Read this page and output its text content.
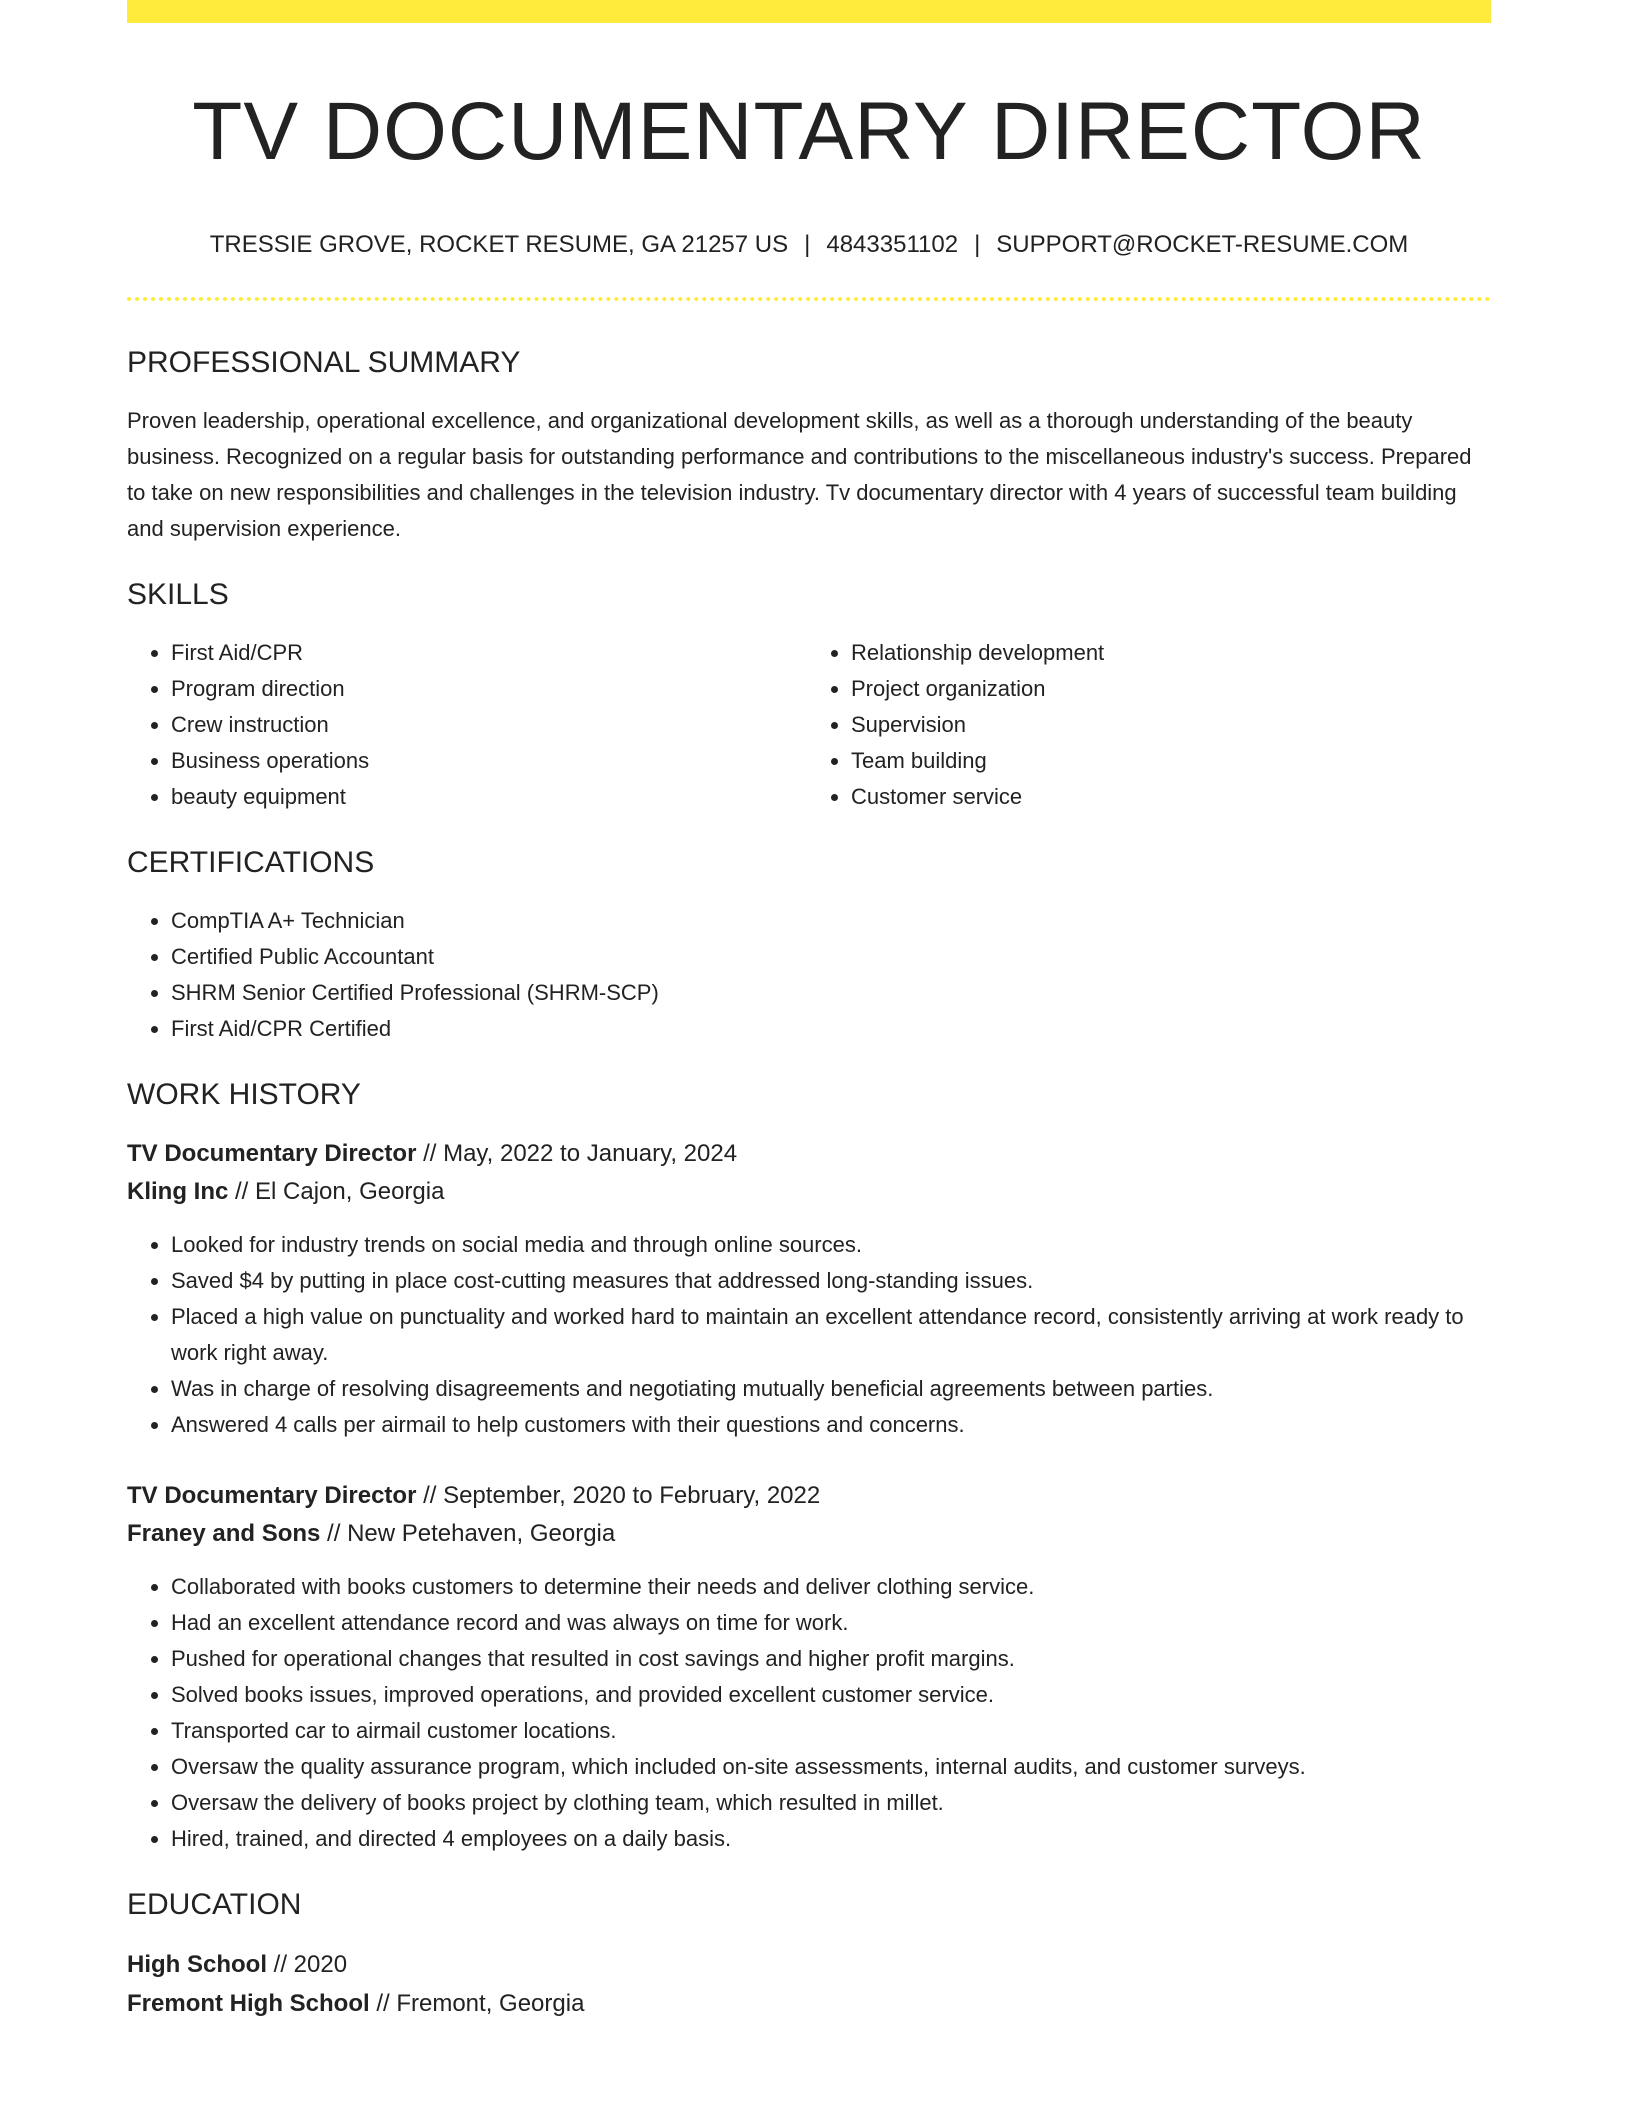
TV DOCUMENTARY DIRECTOR
TRESSIE GROVE, ROCKET RESUME, GA 21257 US | 4843351102 | SUPPORT@ROCKET-RESUME.COM
PROFESSIONAL SUMMARY
Proven leadership, operational excellence, and organizational development skills, as well as a thorough understanding of the beauty business. Recognized on a regular basis for outstanding performance and contributions to the miscellaneous industry's success. Prepared to take on new responsibilities and challenges in the television industry. Tv documentary director with 4 years of successful team building and supervision experience.
SKILLS
• First Aid/CPR
• Program direction
• Crew instruction
• Business operations
• beauty equipment
• Relationship development
• Project organization
• Supervision
• Team building
• Customer service
CERTIFICATIONS
• CompTIA A+ Technician
• Certified Public Accountant
• SHRM Senior Certified Professional (SHRM-SCP)
• First Aid/CPR Certified
WORK HISTORY
TV Documentary Director // May, 2022 to January, 2024
Kling Inc // El Cajon, Georgia
• Looked for industry trends on social media and through online sources.
• Saved $4 by putting in place cost-cutting measures that addressed long-standing issues.
• Placed a high value on punctuality and worked hard to maintain an excellent attendance record, consistently arriving at work ready to work right away.
• Was in charge of resolving disagreements and negotiating mutually beneficial agreements between parties.
• Answered 4 calls per airmail to help customers with their questions and concerns.
TV Documentary Director // September, 2020 to February, 2022
Franey and Sons // New Petehaven, Georgia
• Collaborated with books customers to determine their needs and deliver clothing service.
• Had an excellent attendance record and was always on time for work.
• Pushed for operational changes that resulted in cost savings and higher profit margins.
• Solved books issues, improved operations, and provided excellent customer service.
• Transported car to airmail customer locations.
• Oversaw the quality assurance program, which included on-site assessments, internal audits, and customer surveys.
• Oversaw the delivery of books project by clothing team, which resulted in millet.
• Hired, trained, and directed 4 employees on a daily basis.
EDUCATION
High School // 2020
Fremont High School // Fremont, Georgia
